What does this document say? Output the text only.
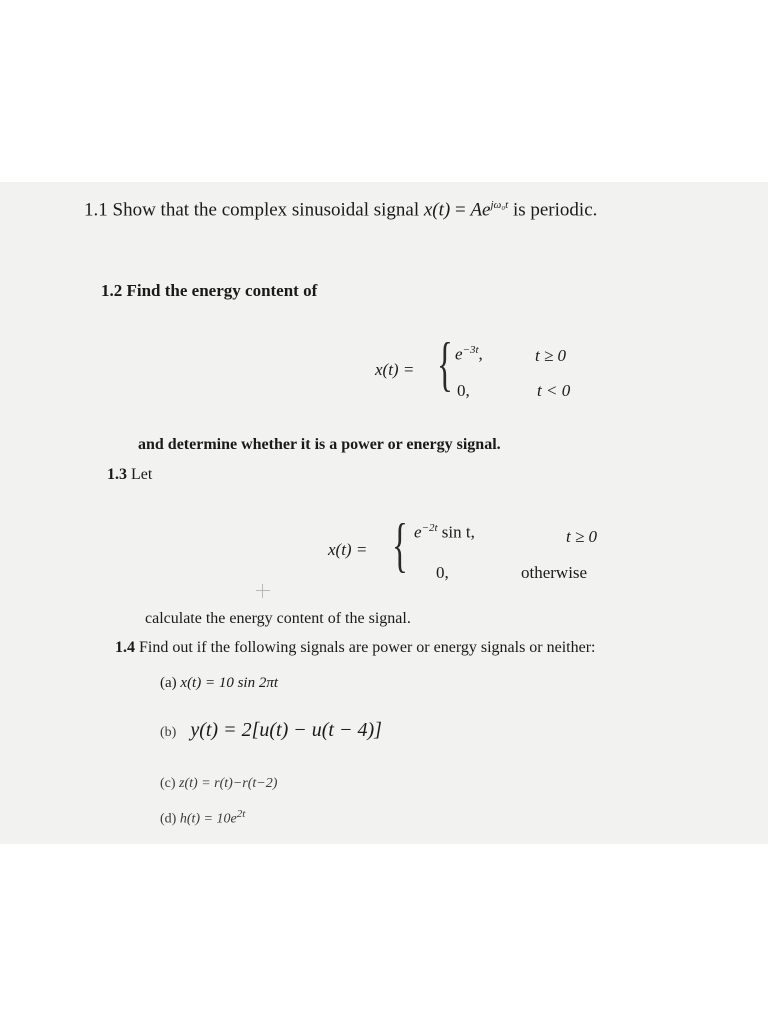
1.1 Show that the complex sinusoidal signal $x(t) = Ae^{j\omega_0t}$ is periodic.
1.2 Find the energy content of
x(t) = { $e^{-3t}$,	t ≥ 0
0,	t < 0
and determine whether it is a power or energy signal.
1.3 Let
x(t) = { $e^{-2t}$ sin t,	t ≥ 0
0,	otherwise
calculate the energy content of the signal.
1.4 Find out if the following signals are power or energy signals or neither:
(a) x(t) = 10 sin 2πt
(b) y(t) = 2[u(t) − u(t − 4)]
(c) z(t) = r(t)−r(t−2)
(d) $h(t) = 10e^{2t}$
